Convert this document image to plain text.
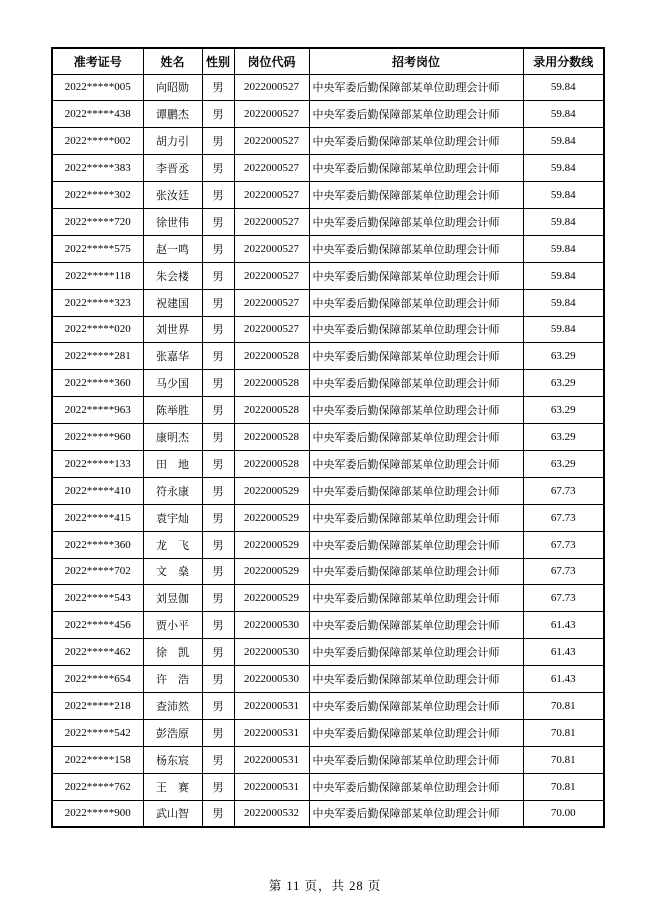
准考证号	姓名	性别	岗位代码	招考岗位	录用分数线
2022*****005	向昭勋	男	2022000527	中央军委后勤保障部某单位助理会计师	59.84
2022*****438	谭鹏杰	男	2022000527	中央军委后勤保障部某单位助理会计师	59.84
2022*****002	胡力引	男	2022000527	中央军委后勤保障部某单位助理会计师	59.84
2022*****383	李晋丞	男	2022000527	中央军委后勤保障部某单位助理会计师	59.84
2022*****302	张汝廷	男	2022000527	中央军委后勤保障部某单位助理会计师	59.84
2022*****720	徐世伟	男	2022000527	中央军委后勤保障部某单位助理会计师	59.84
2022*****575	赵一鸣	男	2022000527	中央军委后勤保障部某单位助理会计师	59.84
2022*****118	朱会楼	男	2022000527	中央军委后勤保障部某单位助理会计师	59.84
2022*****323	祝建国	男	2022000527	中央军委后勤保障部某单位助理会计师	59.84
2022*****020	刘世界	男	2022000527	中央军委后勤保障部某单位助理会计师	59.84
2022*****281	张嘉华	男	2022000528	中央军委后勤保障部某单位助理会计师	63.29
2022*****360	马少国	男	2022000528	中央军委后勤保障部某单位助理会计师	63.29
2022*****963	陈举胜	男	2022000528	中央军委后勤保障部某单位助理会计师	63.29
2022*****960	康明杰	男	2022000528	中央军委后勤保障部某单位助理会计师	63.29
2022*****133	田　地	男	2022000528	中央军委后勤保障部某单位助理会计师	63.29
2022*****410	符永康	男	2022000529	中央军委后勤保障部某单位助理会计师	67.73
2022*****415	袁宇灿	男	2022000529	中央军委后勤保障部某单位助理会计师	67.73
2022*****360	龙　飞	男	2022000529	中央军委后勤保障部某单位助理会计师	67.73
2022*****702	文　燊	男	2022000529	中央军委后勤保障部某单位助理会计师	67.73
2022*****543	刘昱伽	男	2022000529	中央军委后勤保障部某单位助理会计师	67.73
2022*****456	贾小平	男	2022000530	中央军委后勤保障部某单位助理会计师	61.43
2022*****462	徐　凯	男	2022000530	中央军委后勤保障部某单位助理会计师	61.43
2022*****654	许　浩	男	2022000530	中央军委后勤保障部某单位助理会计师	61.43
2022*****218	查沛然	男	2022000531	中央军委后勤保障部某单位助理会计师	70.81
2022*****542	彭浩原	男	2022000531	中央军委后勤保障部某单位助理会计师	70.81
2022*****158	杨东宸	男	2022000531	中央军委后勤保障部某单位助理会计师	70.81
2022*****762	王　赛	男	2022000531	中央军委后勤保障部某单位助理会计师	70.81
2022*****900	武山智	男	2022000532	中央军委后勤保障部某单位助理会计师	70.00
第 11 页，共 28 页
